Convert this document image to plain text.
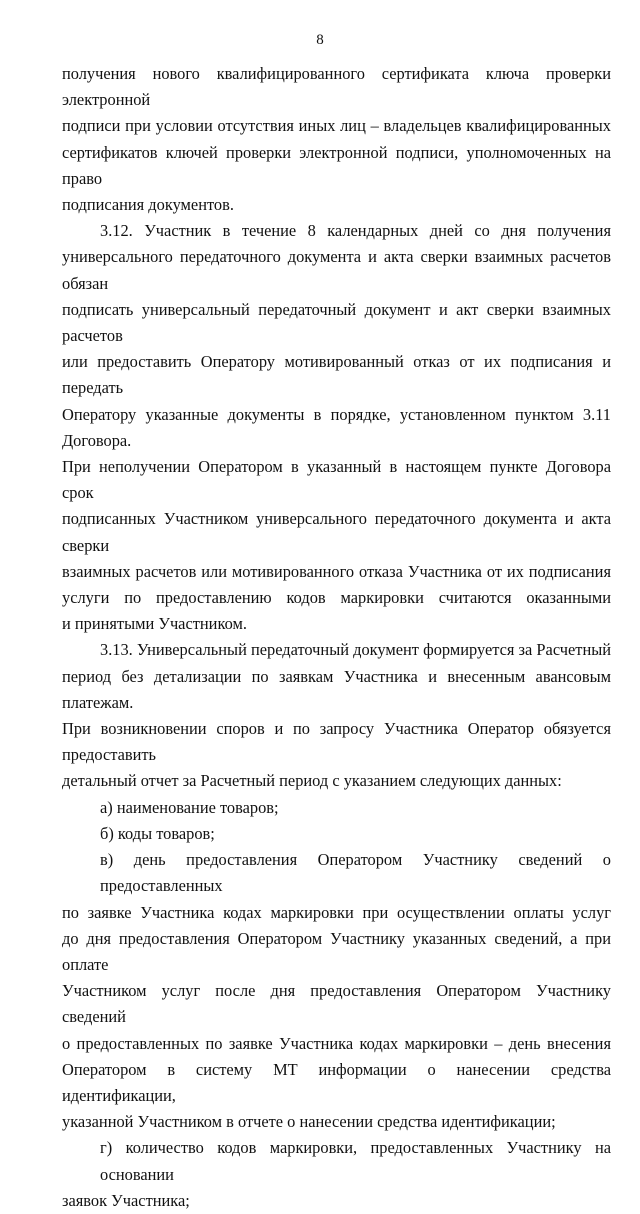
8
получения нового квалифицированного сертификата ключа проверки электронной
подписи при условии отсутствия иных лиц – владельцев квалифицированных
сертификатов ключей проверки электронной подписи, уполномоченных на право
подписания документов.
3.12. Участник в течение 8 календарных дней со дня получения
универсального передаточного документа и акта сверки взаимных расчетов обязан
подписать универсальный передаточный документ и акт сверки взаимных расчетов
или предоставить Оператору мотивированный отказ от их подписания и передать
Оператору указанные документы в порядке, установленном пунктом 3.11 Договора.
При неполучении Оператором в указанный в настоящем пункте Договора срок
подписанных Участником универсального передаточного документа и акта сверки
взаимных расчетов или мотивированного отказа Участника от их подписания
услуги по предоставлению кодов маркировки считаются оказанными
и принятыми Участником.
3.13. Универсальный передаточный документ формируется за Расчетный
период без детализации по заявкам Участника и внесенным авансовым платежам.
При возникновении споров и по запросу Участника Оператор обязуется предоставить
детальный отчет за Расчетный период с указанием следующих данных:
а) наименование товаров;
б) коды товаров;
в) день предоставления Оператором Участнику сведений о предоставленных
по заявке Участника кодах маркировки при осуществлении оплаты услуг
до дня предоставления Оператором Участнику указанных сведений, а при оплате
Участником услуг после дня предоставления Оператором Участнику сведений
о предоставленных по заявке Участника кодах маркировки – день внесения
Оператором в систему МТ информации о нанесении средства идентификации,
указанной Участником в отчете о нанесении средства идентификации;
г) количество кодов маркировки, предоставленных Участнику на основании
заявок Участника;
